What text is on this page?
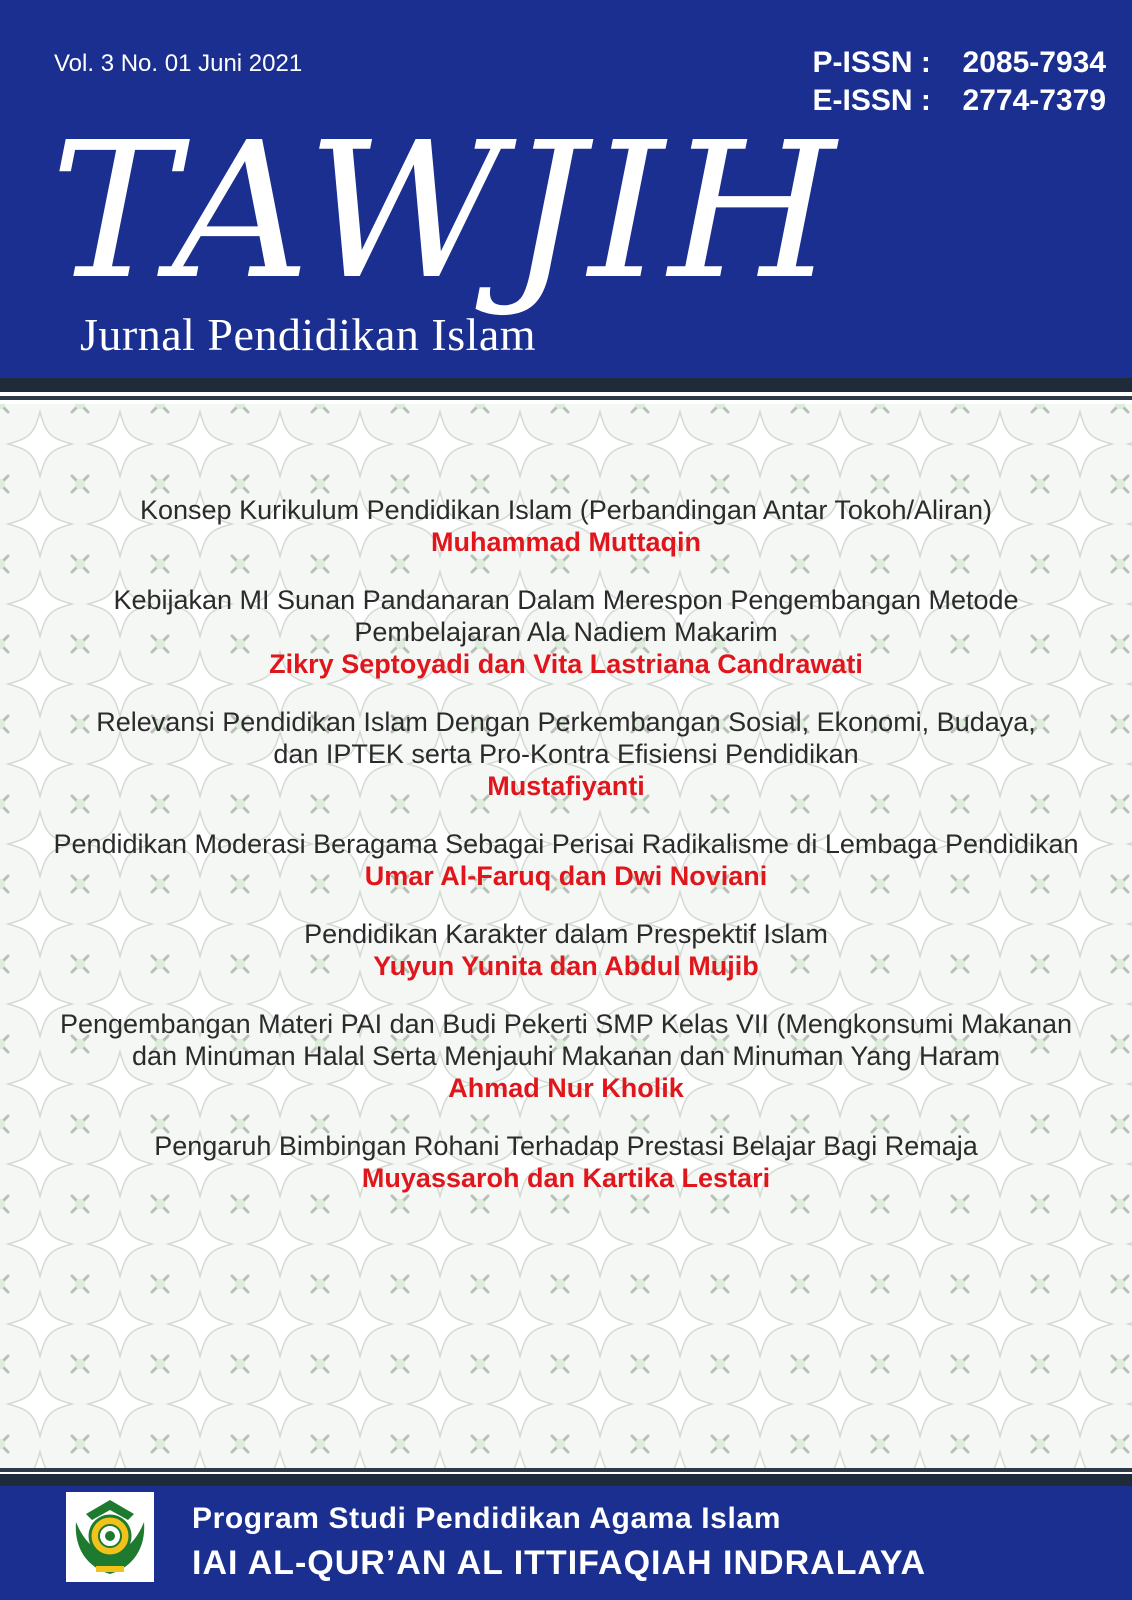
Vol. 3 No. 01 Juni 2021	P-ISSN : 2085-7934
E-ISSN : 2774-7379
TAWJIH
Jurnal Pendidikan Islam
Konsep Kurikulum Pendidikan Islam (Perbandingan Antar Tokoh/Aliran)
Muhammad Muttaqin
Kebijakan MI Sunan Pandanaran Dalam Merespon Pengembangan Metode Pembelajaran Ala Nadiem Makarim
Zikry Septoyadi dan Vita Lastriana Candrawati
Relevansi Pendidikan Islam Dengan Perkembangan Sosial, Ekonomi, Budaya, dan IPTEK serta Pro-Kontra Efisiensi Pendidikan
Mustafiyanti
Pendidikan Moderasi Beragama Sebagai Perisai Radikalisme di Lembaga Pendidikan
Umar Al-Faruq dan Dwi Noviani
Pendidikan Karakter dalam Prespektif Islam
Yuyun Yunita dan Abdul Mujib
Pengembangan Materi PAI dan Budi Pekerti SMP Kelas VII (Mengkonsumi Makanan dan Minuman Halal Serta Menjauhi Makanan dan Minuman Yang Haram
Ahmad Nur Kholik
Pengaruh Bimbingan Rohani Terhadap Prestasi Belajar Bagi Remaja
Muyassaroh dan Kartika Lestari
Program Studi Pendidikan Agama Islam
IAI AL-QUR’AN AL ITTIFAQIAH INDRALAYA
